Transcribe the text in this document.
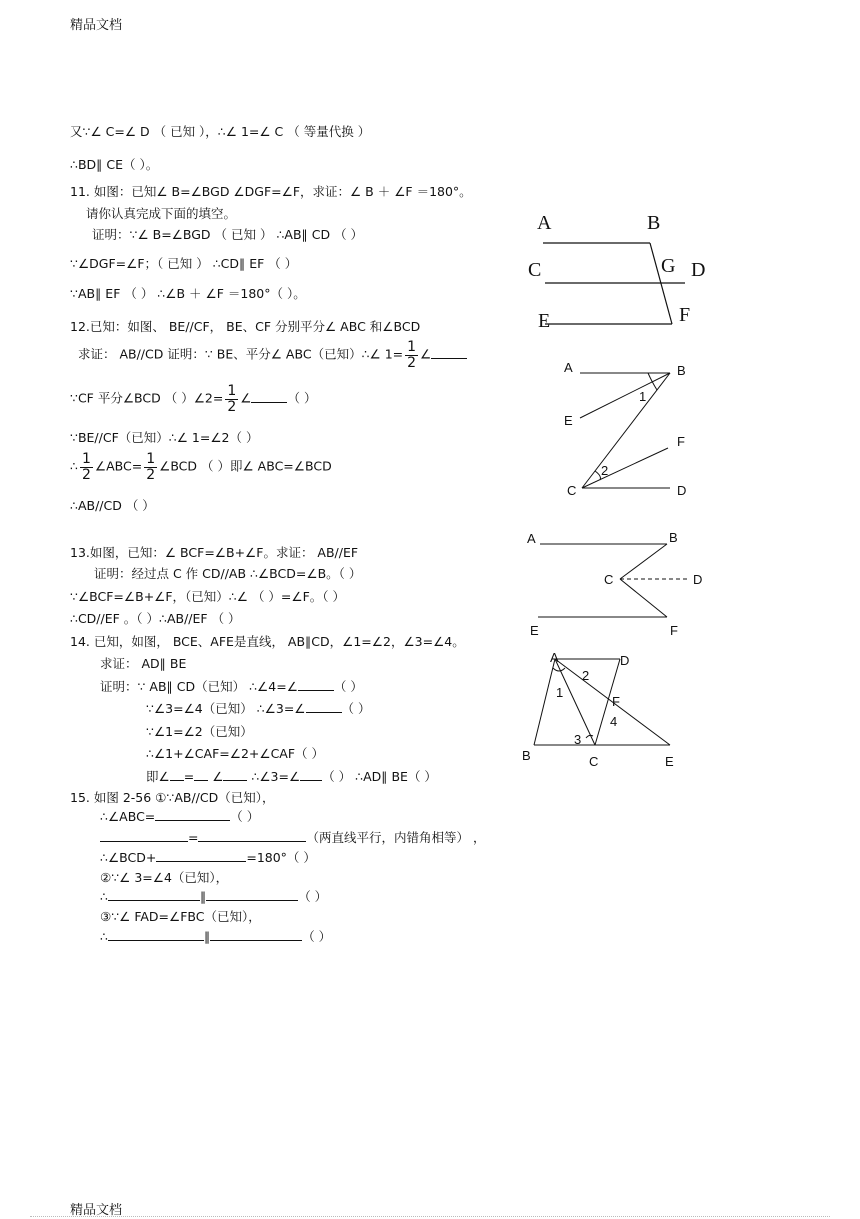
精品文档
精品文档
又∵∠ C=∠ D （ 已知 ），∴∠ 1=∠ C （ 等量代换 ）
∴BD∥ CE（ ）。
11. 如图：已知∠ B=∠BGD ∠DGF=∠F，求证：∠ B ＋ ∠F ＝180°。
请你认真完成下面的填空。
证明：∵∠ B=∠BGD （ 已知 ） ∴AB∥ CD （ ）
∵∠DGF=∠F；（ 已知 ） ∴CD∥ EF （ ）
∵AB∥ EF （ ） ∴∠B ＋ ∠F ＝180°（ ）。
A	B
C	G D
E	F
12.已知：如图、 BE//CF， BE、CF 分别平分∠ ABC 和∠BCD
求证： AB//CD 证明：∵ BE、平分∠ ABC（已知）∴∠ $1= \frac{1}{2}$ ∠
∵CF 平分∠BCD （ ）∠2= $\frac{1}{2}$ ∠	（ ）
∵BE//CF（已知）∴∠ 1=∠2（ ）
∴ $\frac{1}{2}$ ∠ABC= $\frac{1}{2}$ ∠BCD （ ）即∠ ABC=∠BCD
∴AB//CD （ ）
A	B
E
F
C	D
1
2
13.如图，已知：∠ BCF=∠B+∠F。求证： AB//EF
证明：经过点 C 作 CD//AB ∴∠BCD=∠B。（ ）
∵∠BCF=∠B+∠F，（已知）∴∠ （ ）=∠F。（ ）
∴CD//EF 。（ ）∴AB//EF （ ）
A	B
C	D
E	F
14. 已知，如图， BCE、AFE是直线， AB∥CD，∠1=∠2，∠3=∠4。
求证： AD∥ BE
证明：∵ AB∥ CD（已知） ∴∠4=∠	（ ）
∵∠3=∠4（已知） ∴∠3=∠	（ ）
∵∠1=∠2（已知）
∴∠1+∠CAF=∠2+∠CAF（ ）
即∠ = ∠ ∴∠3=∠ （ ） ∴AD∥ BE（ ）
A	D
F
B	C	E
1
2
3
4
15. 如图 2-56 ①∵AB//CD（已知），
∴∠ABC=	（ ）
=	（两直线平行，内错角相等） ，
∴∠BCD+	=180°（ ）
②∵∠ 3=∠4（已知），
∴	∥	（ ）
③∵∠ FAD=∠FBC（已知），
∴	∥	（ ）
